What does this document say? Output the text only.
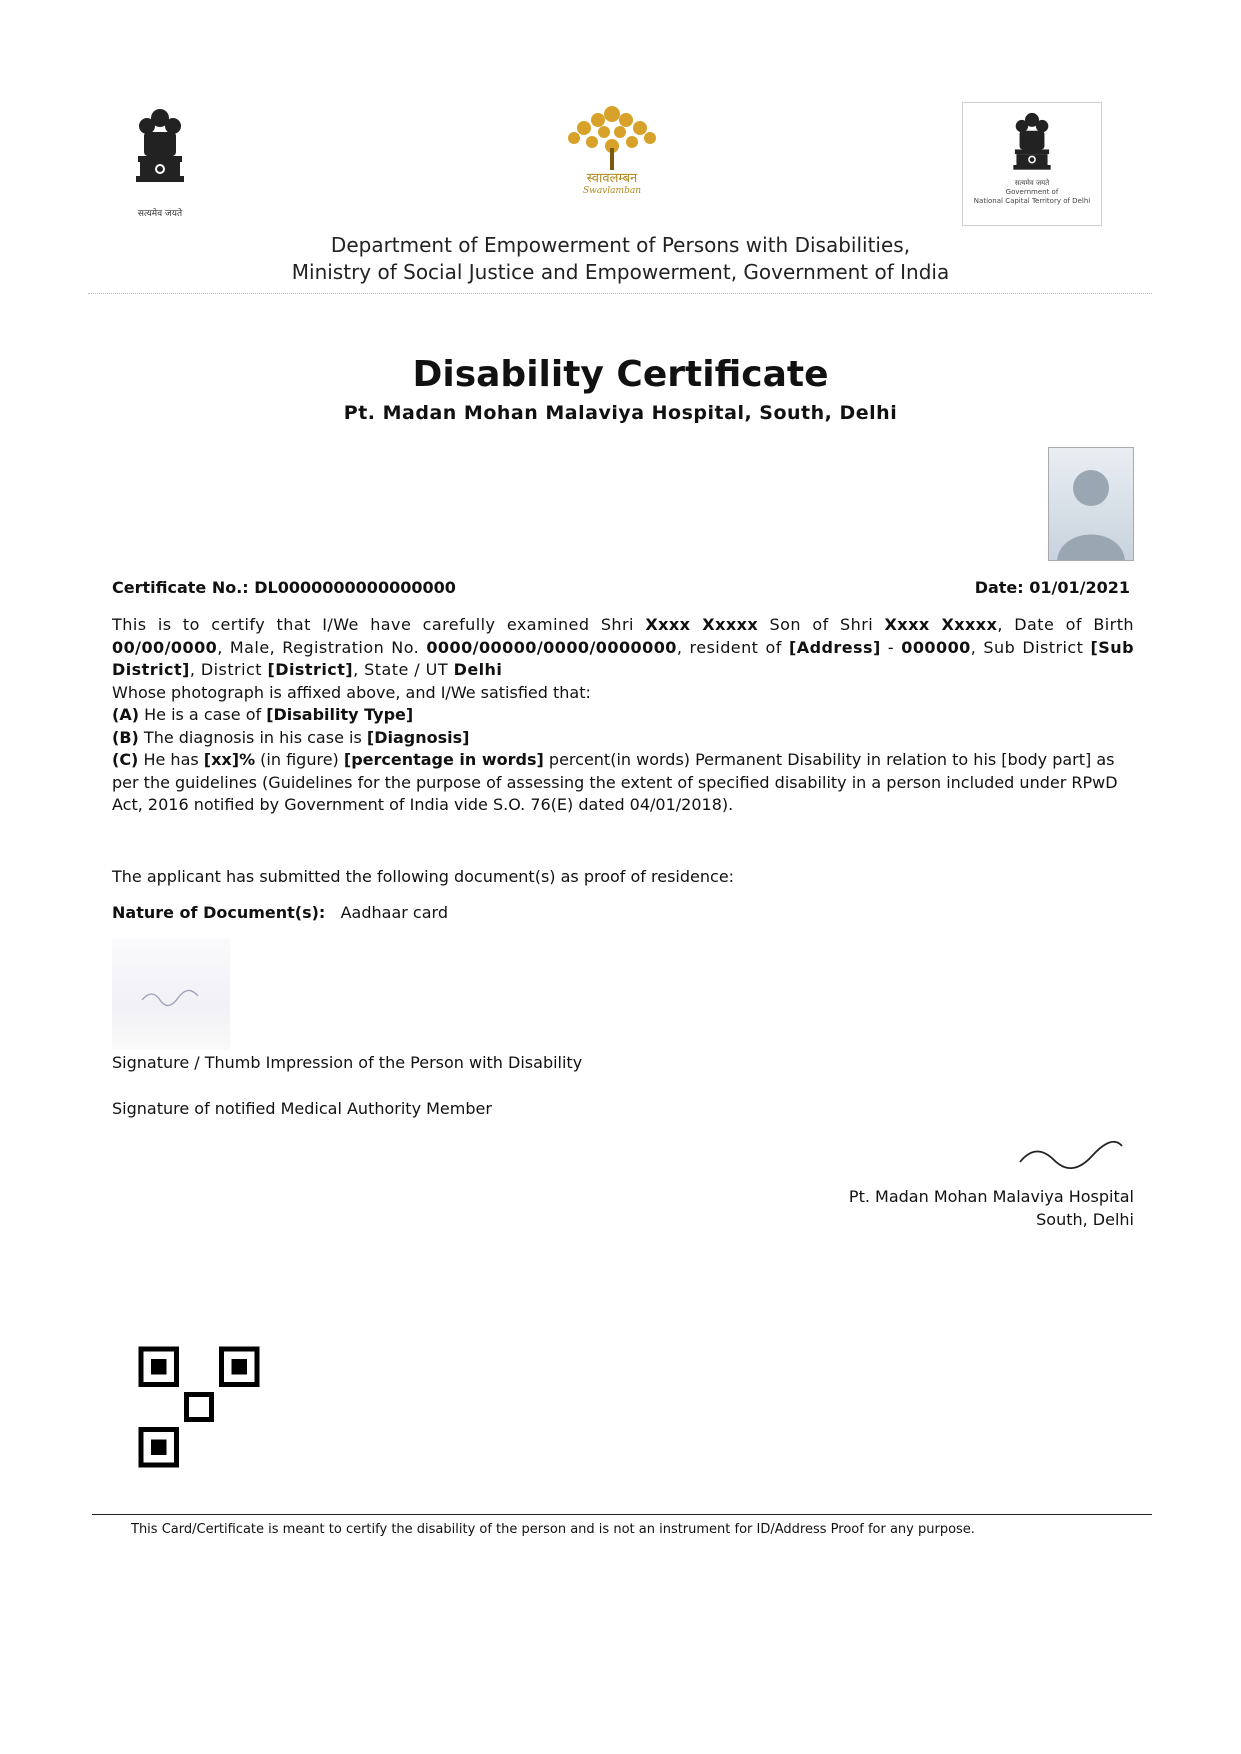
सत्यमेव जयते
स्वावलम्बन
Swavlamban
सत्यमेव जयते
Government of
National Capital Territory of Delhi
Department of Empowerment of Persons with Disabilities,
Ministry of Social Justice and Empowerment, Government of India
Disability Certificate
Pt. Madan Mohan Malaviya Hospital, South, Delhi
Certificate No.: DL0000000000000000	Date: 01/01/2021

This is to certify that I/We have carefully examined Shri Xxxx Xxxxx Son of Shri Xxxx Xxxxx, Date of Birth 00/00/0000, Male, Registration No. 0000/00000/0000/0000000, resident of [Address] - 000000, Sub District [Sub District], District [District], State / UT Delhi

Whose photograph is affixed above, and I/We satisfied that:

(A) He is a case of [Disability Type]

(B) The diagnosis in his case is [Diagnosis]

(C) He has [xx]% (in figure) [percentage in words] percent(in words) Permanent Disability in relation to his [body part] as per the guidelines (Guidelines for the purpose of assessing the extent of specified disability in a person included under RPwD Act, 2016 notified by Government of India vide S.O. 76(E) dated 04/01/2018).

The applicant has submitted the following document(s) as proof of residence:
Nature of Document(s): Aadhaar card
Signature / Thumb Impression of the Person with Disability
Signature of notified Medical Authority Member
Pt. Madan Mohan Malaviya Hospital
South, Delhi
This Card/Certificate is meant to certify the disability of the person and is not an instrument for ID/Address Proof for any purpose.
